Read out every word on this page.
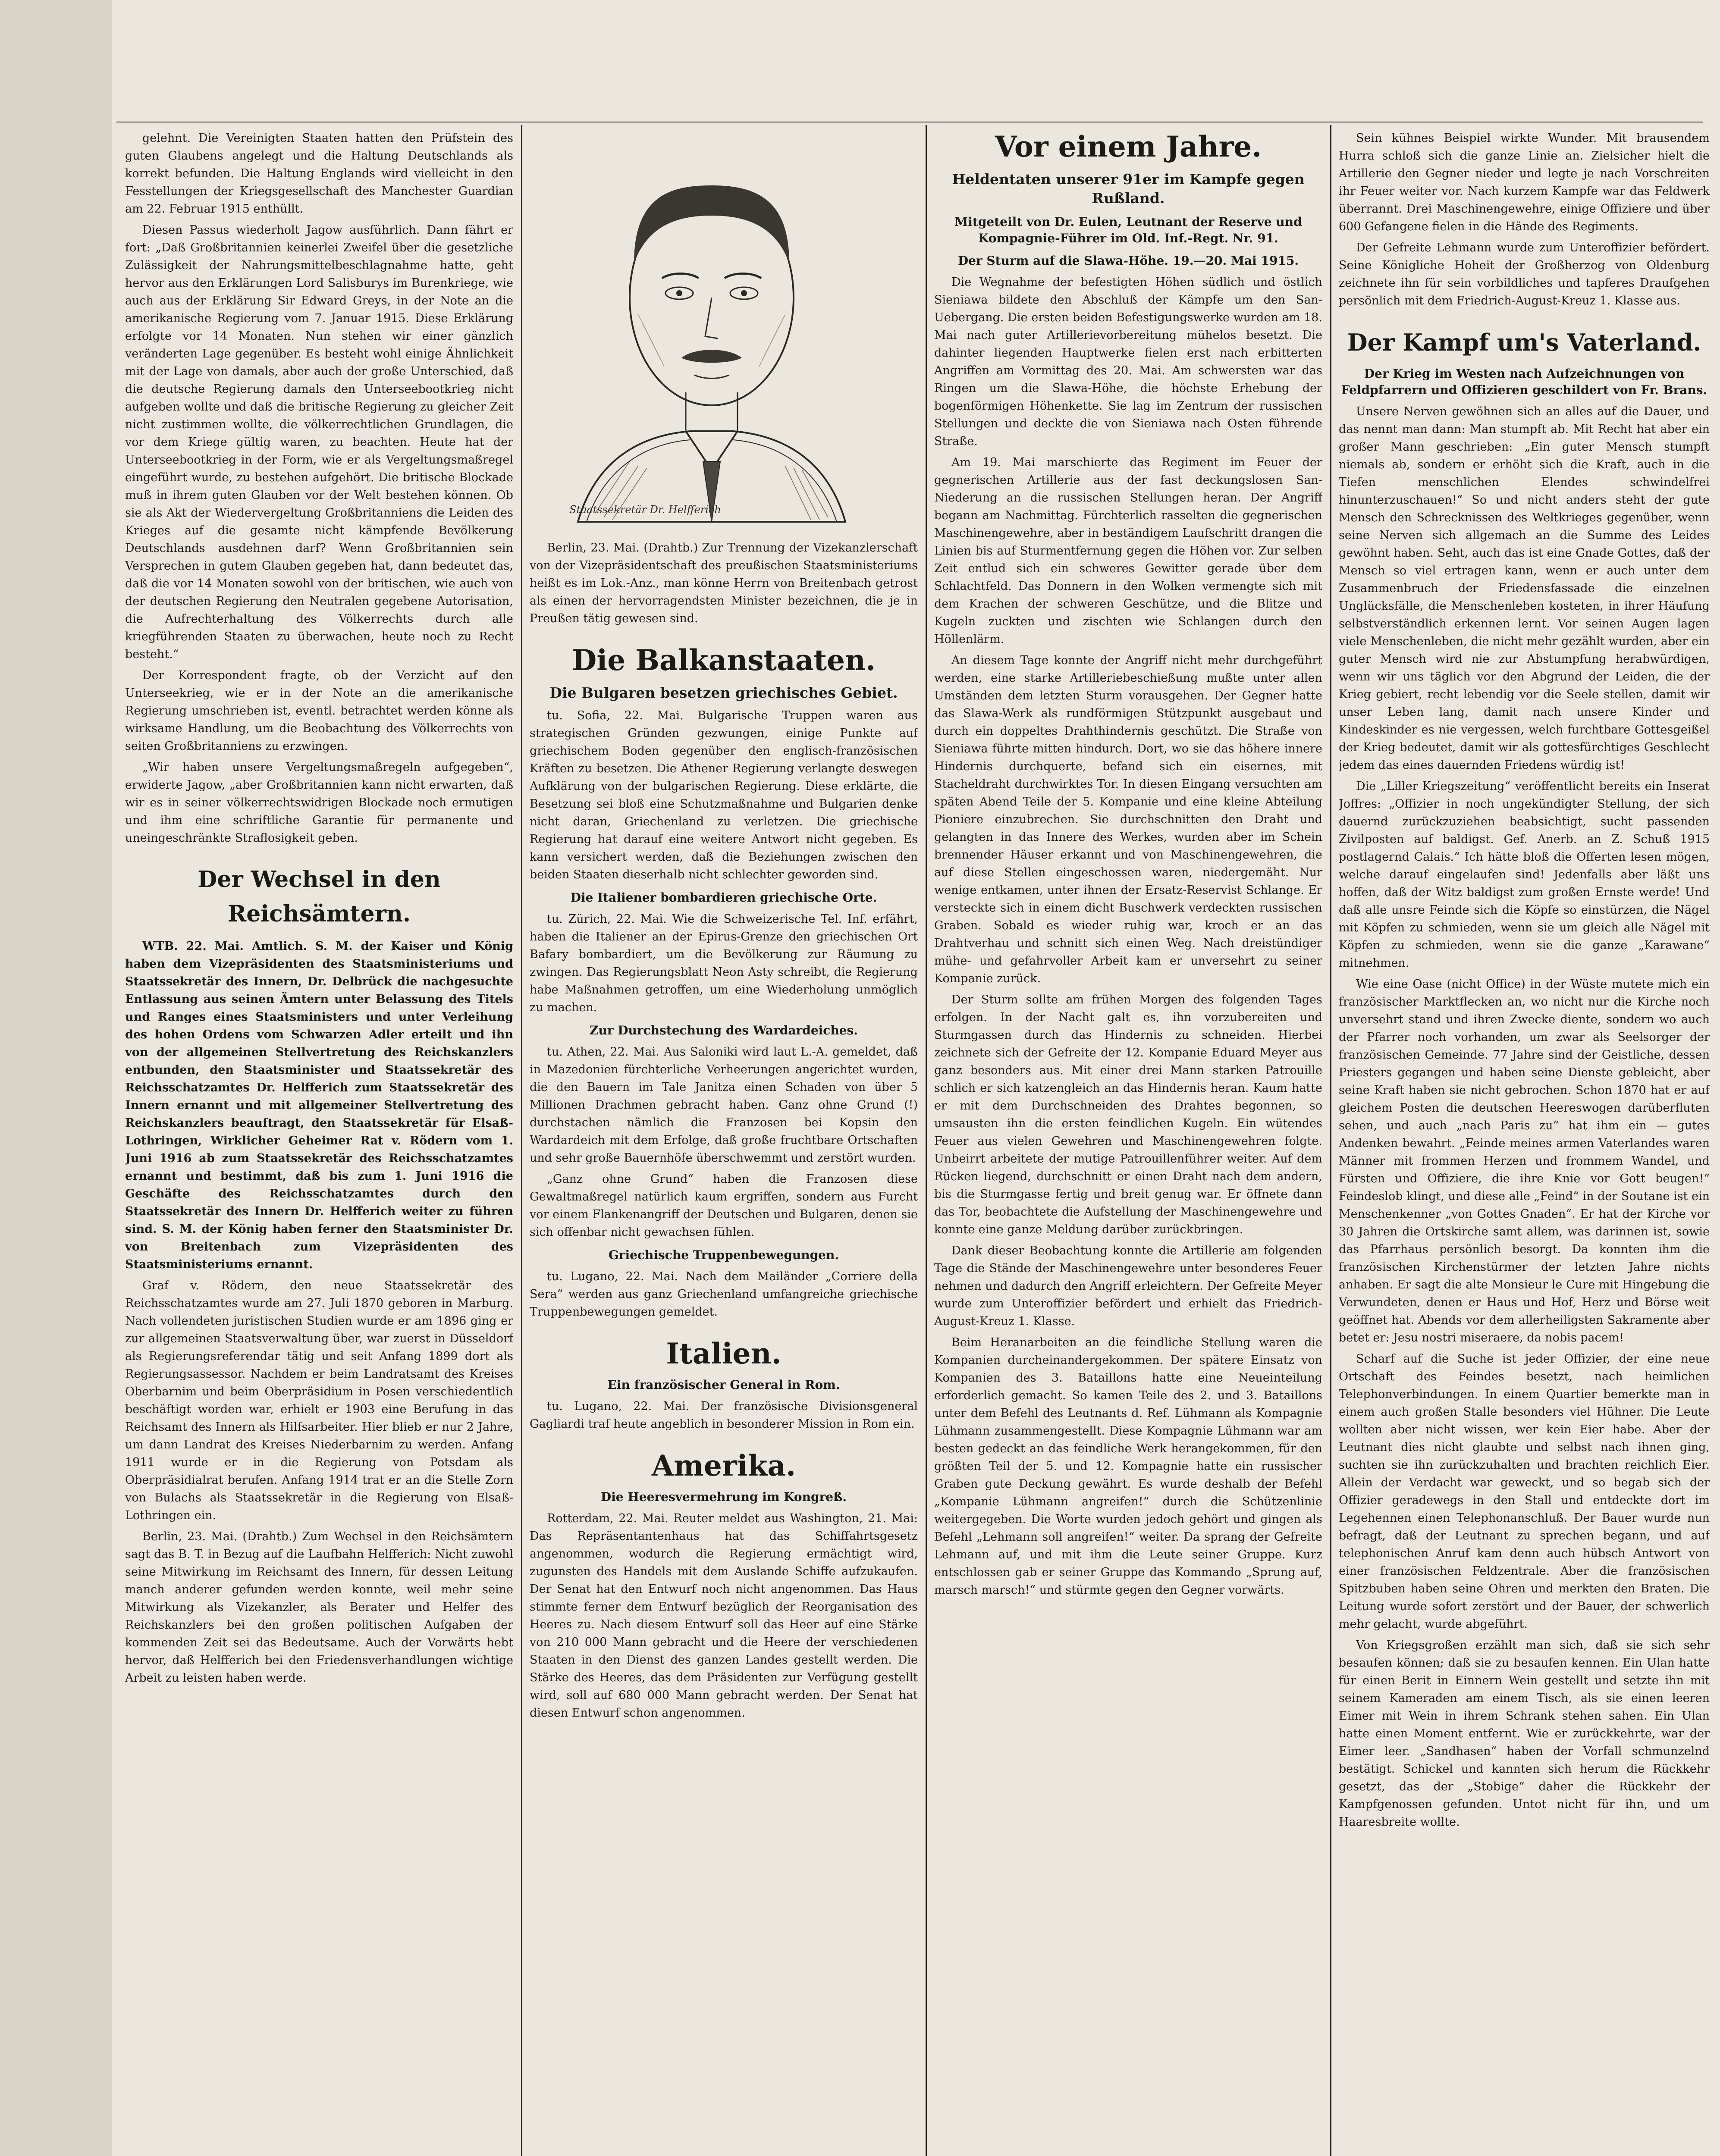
gelehnt. Die Vereinigten Staaten hatten den Prüfstein des guten Glaubens angelegt und die Haltung Deutschlands als korrekt befunden. Die Haltung Englands wird vielleicht in den Fesstellungen der Kriegsgesellschaft des Manchester Guardian am 22. Februar 1915 enthüllt.

Diesen Passus wiederholt Jagow ausführlich. Dann fährt er fort: „Daß Großbritannien keinerlei Zweifel über die gesetzliche Zulässigkeit der Nahrungsmittelbeschlagnahme hatte, geht hervor aus den Erklärungen Lord Salisburys im Burenkriege, wie auch aus der Erklärung Sir Edward Greys, in der Note an die amerikanische Regierung vom 7. Januar 1915. Diese Erklärung erfolgte vor 14 Monaten. Nun stehen wir einer gänzlich veränderten Lage gegenüber. Es besteht wohl einige Ähnlichkeit mit der Lage von damals, aber auch der große Unterschied, daß die deutsche Regierung damals den Unterseebootkrieg nicht aufgeben wollte und daß die britische Regierung zu gleicher Zeit nicht zustimmen wollte, die völkerrechtlichen Grundlagen, die vor dem Kriege gültig waren, zu beachten. Heute hat der Unterseebootkrieg in der Form, wie er als Vergeltungsmaßregel eingeführt wurde, zu bestehen aufgehört. Die britische Blockade muß in ihrem guten Glauben vor der Welt bestehen können. Ob sie als Akt der Wiedervergeltung Großbritanniens die Leiden des Krieges auf die gesamte nicht kämpfende Bevölkerung Deutschlands ausdehnen darf? Wenn Großbritannien sein Versprechen in gutem Glauben gegeben hat, dann bedeutet das, daß die vor 14 Monaten sowohl von der britischen, wie auch von der deutschen Regierung den Neutralen gegebene Autorisation, die Aufrechterhaltung des Völkerrechts durch alle kriegführenden Staaten zu überwachen, heute noch zu Recht besteht.“

Der Korrespondent fragte, ob der Verzicht auf den Unterseekrieg, wie er in der Note an die amerikanische Regierung umschrieben ist, eventl. betrachtet werden könne als wirksame Handlung, um die Beobachtung des Völkerrechts von seiten Großbritanniens zu erzwingen.

„Wir haben unsere Vergeltungsmaßregeln aufgegeben“, erwiderte Jagow, „aber Großbritannien kann nicht erwarten, daß wir es in seiner völkerrechtswidrigen Blockade noch ermutigen und ihm eine schriftliche Garantie für permanente und uneingeschränkte Straflosigkeit geben.

Der Wechsel in den Reichsämtern.

WTB. 22. Mai. Amtlich. S. M. der Kaiser und König haben dem Vizepräsidenten des Staatsministeriums und Staatssekretär des Innern, Dr. Delbrück die nachgesuchte Entlassung aus seinen Ämtern unter Belassung des Titels und Ranges eines Staatsministers und unter Verleihung des hohen Ordens vom Schwarzen Adler erteilt und ihn von der allgemeinen Stellvertretung des Reichskanzlers entbunden, den Staatsminister und Staatssekretär des Reichsschatzamtes Dr. Helfferich zum Staatssekretär des Innern ernannt und mit allgemeiner Stellvertretung des Reichskanzlers beauftragt, den Staatssekretär für Elsaß-Lothringen, Wirklicher Geheimer Rat v. Rödern vom 1. Juni 1916 ab zum Staatssekretär des Reichsschatzamtes ernannt und bestimmt, daß bis zum 1. Juni 1916 die Geschäfte des Reichsschatzamtes durch den Staatssekretär des Innern Dr. Helfferich weiter zu führen sind. S. M. der König haben ferner den Staatsminister Dr. von Breitenbach zum Vizepräsidenten des Staatsministeriums ernannt.

Graf v. Rödern, den neue Staatssekretär des Reichsschatzamtes wurde am 27. Juli 1870 geboren in Marburg. Nach vollendeten juristischen Studien wurde er am 1896 ging er zur allgemeinen Staatsverwaltung über, war zuerst in Düsseldorf als Regierungsreferendar tätig und seit Anfang 1899 dort als Regierungsassessor. Nachdem er beim Landratsamt des Kreises Oberbarnim und beim Oberpräsidium in Posen verschiedentlich beschäftigt worden war, erhielt er 1903 eine Berufung in das Reichsamt des Innern als Hilfsarbeiter. Hier blieb er nur 2 Jahre, um dann Landrat des Kreises Niederbarnim zu werden. Anfang 1911 wurde er in die Regierung von Potsdam als Oberpräsidialrat berufen. Anfang 1914 trat er an die Stelle Zorn von Bulachs als Staatssekretär in die Regierung von Elsaß-Lothringen ein.

Berlin, 23. Mai. (Drahtb.) Zum Wechsel in den Reichsämtern sagt das B. T. in Bezug auf die Laufbahn Helfferich: Nicht zuwohl seine Mitwirkung im Reichsamt des Innern, für dessen Leitung manch anderer gefunden werden konnte, weil mehr seine Mitwirkung als Vizekanzler, als Berater und Helfer des Reichskanzlers bei den großen politischen Aufgaben der kommenden Zeit sei das Bedeutsame. Auch der Vorwärts hebt hervor, daß Helfferich bei den Friedensverhandlungen wichtige Arbeit zu leisten haben werde.

Berlin, 23. Mai. (Drahtb.) Zur Trennung der Vizekanzlerschaft von der Vizepräsidentschaft des preußischen Staatsministeriums heißt es im Lok.-Anz., man könne Herrn von Breitenbach getrost als einen der hervorragendsten Minister bezeichnen, die je in Preußen tätig gewesen sind.

Die Balkanstaaten.
Die Bulgaren besetzen griechisches Gebiet.

tu. Sofia, 22. Mai. Bulgarische Truppen waren aus strategischen Gründen gezwungen, einige Punkte auf griechischem Boden gegenüber den englisch-französischen Kräften zu besetzen. Die Athener Regierung verlangte deswegen Aufklärung von der bulgarischen Regierung. Diese erklärte, die Besetzung sei bloß eine Schutzmaßnahme und Bulgarien denke nicht daran, Griechenland zu verletzen. Die griechische Regierung hat darauf eine weitere Antwort nicht gegeben. Es kann versichert werden, daß die Beziehungen zwischen den beiden Staaten dieserhalb nicht schlechter geworden sind.

Die Italiener bombardieren griechische Orte.

tu. Zürich, 22. Mai. Wie die Schweizerische Tel. Inf. erfährt, haben die Italiener an der Epirus-Grenze den griechischen Ort Bafary bombardiert, um die Bevölkerung zur Räumung zu zwingen. Das Regierungsblatt Neon Asty schreibt, die Regierung habe Maßnahmen getroffen, um eine Wiederholung unmöglich zu machen.

Zur Durchstechung des Wardardeiches.

tu. Athen, 22. Mai. Aus Saloniki wird laut L.-A. gemeldet, daß in Mazedonien fürchterliche Verheerungen angerichtet wurden, die den Bauern im Tale Janitza einen Schaden von über 5 Millionen Drachmen gebracht haben. Ganz ohne Grund (!) durchstachen nämlich die Franzosen bei Kopsin den Wardardeich mit dem Erfolge, daß große fruchtbare Ortschaften und sehr große Bauernhöfe überschwemmt und zerstört wurden.

„Ganz ohne Grund“ haben die Franzosen diese Gewaltmaßregel natürlich kaum ergriffen, sondern aus Furcht vor einem Flankenangriff der Deutschen und Bulgaren, denen sie sich offenbar nicht gewachsen fühlen.

Griechische Truppenbewegungen.

tu. Lugano, 22. Mai. Nach dem Mailänder „Corriere della Sera“ werden aus ganz Griechenland umfangreiche griechische Truppenbewegungen gemeldet.

Italien.
Ein französischer General in Rom.

tu. Lugano, 22. Mai. Der französische Divisionsgeneral Gagliardi traf heute angeblich in besonderer Mission in Rom ein.

Amerika.
Die Heeresvermehrung im Kongreß.

Rotterdam, 22. Mai. Reuter meldet aus Washington, 21. Mai: Das Repräsentantenhaus hat das Schiffahrtsgesetz angenommen, wodurch die Regierung ermächtigt wird, zugunsten des Handels mit dem Auslande Schiffe aufzukaufen. Der Senat hat den Entwurf noch nicht angenommen. Das Haus stimmte ferner dem Entwurf bezüglich der Reorganisation des Heeres zu. Nach diesem Entwurf soll das Heer auf eine Stärke von 210 000 Mann gebracht und die Heere der verschiedenen Staaten in den Dienst des ganzen Landes gestellt werden. Die Stärke des Heeres, das dem Präsidenten zur Verfügung gestellt wird, soll auf 680 000 Mann gebracht werden. Der Senat hat diesen Entwurf schon angenommen.

Staatssekretär Dr. Helfferich
Vor einem Jahre.
Heldentaten unserer 91er im Kampfe gegen Rußland.
Mitgeteilt von Dr. Eulen, Leutnant der Reserve und Kompagnie-Führer im Old. Inf.-Regt. Nr. 91.
Der Sturm auf die Slawa-Höhe. 19.—20. Mai 1915.

Die Wegnahme der befestigten Höhen südlich und östlich Sieniawa bildete den Abschluß der Kämpfe um den San-Uebergang. Die ersten beiden Befestigungswerke wurden am 18. Mai nach guter Artillerievorbereitung mühelos besetzt. Die dahinter liegenden Hauptwerke fielen erst nach erbitterten Angriffen am Vormittag des 20. Mai. Am schwersten war das Ringen um die Slawa-Höhe, die höchste Erhebung der bogenförmigen Höhenkette. Sie lag im Zentrum der russischen Stellungen und deckte die von Sieniawa nach Osten führende Straße.

Am 19. Mai marschierte das Regiment im Feuer der gegnerischen Artillerie aus der fast deckungslosen San-Niederung an die russischen Stellungen heran. Der Angriff begann am Nachmittag. Fürchterlich rasselten die gegnerischen Maschinengewehre, aber in beständigem Laufschritt drangen die Linien bis auf Sturmentfernung gegen die Höhen vor. Zur selben Zeit entlud sich ein schweres Gewitter gerade über dem Schlachtfeld. Das Donnern in den Wolken vermengte sich mit dem Krachen der schweren Geschütze, und die Blitze und Kugeln zuckten und zischten wie Schlangen durch den Höllenlärm.

An diesem Tage konnte der Angriff nicht mehr durchgeführt werden, eine starke Artilleriebeschießung mußte unter allen Umständen dem letzten Sturm vorausgehen. Der Gegner hatte das Slawa-Werk als rundförmigen Stützpunkt ausgebaut und durch ein doppeltes Drahthindernis geschützt. Die Straße von Sieniawa führte mitten hindurch. Dort, wo sie das höhere innere Hindernis durchquerte, befand sich ein eisernes, mit Stacheldraht durchwirktes Tor. In diesen Eingang versuchten am späten Abend Teile der 5. Kompanie und eine kleine Abteilung Pioniere einzubrechen. Sie durchschnitten den Draht und gelangten in das Innere des Werkes, wurden aber im Schein brennender Häuser erkannt und von Maschinengewehren, die auf diese Stellen eingeschossen waren, niedergemäht. Nur wenige entkamen, unter ihnen der Ersatz-Reservist Schlange. Er versteckte sich in einem dicht Buschwerk verdeckten russischen Graben. Sobald es wieder ruhig war, kroch er an das Drahtverhau und schnitt sich einen Weg. Nach dreistündiger mühe- und gefahrvoller Arbeit kam er unversehrt zu seiner Kompanie zurück.

Der Sturm sollte am frühen Morgen des folgenden Tages erfolgen. In der Nacht galt es, ihn vorzubereiten und Sturmgassen durch das Hindernis zu schneiden. Hierbei zeichnete sich der Gefreite der 12. Kompanie Eduard Meyer aus ganz besonders aus. Mit einer drei Mann starken Patrouille schlich er sich katzengleich an das Hindernis heran. Kaum hatte er mit dem Durchschneiden des Drahtes begonnen, so umsausten ihn die ersten feindlichen Kugeln. Ein wütendes Feuer aus vielen Gewehren und Maschinengewehren folgte. Unbeirrt arbeitete der mutige Patrouillenführer weiter. Auf dem Rücken liegend, durchschnitt er einen Draht nach dem andern, bis die Sturmgasse fertig und breit genug war. Er öffnete dann das Tor, beobachtete die Aufstellung der Maschinengewehre und konnte eine ganze Meldung darüber zurückbringen.

Dank dieser Beobachtung konnte die Artillerie am folgenden Tage die Stände der Maschinengewehre unter besonderes Feuer nehmen und dadurch den Angriff erleichtern. Der Gefreite Meyer wurde zum Unteroffizier befördert und erhielt das Friedrich-August-Kreuz 1. Klasse.

Beim Heranarbeiten an die feindliche Stellung waren die Kompanien durcheinandergekommen. Der spätere Einsatz von Kompanien des 3. Bataillons hatte eine Neueinteilung erforderlich gemacht. So kamen Teile des 2. und 3. Bataillons unter dem Befehl des Leutnants d. Ref. Lühmann als Kompagnie Lühmann zusammengestellt. Diese Kompagnie Lühmann war am besten gedeckt an das feindliche Werk herangekommen, für den größten Teil der 5. und 12. Kompagnie hatte ein russischer Graben gute Deckung gewährt. Es wurde deshalb der Befehl „Kompanie Lühmann angreifen!“ durch die Schützenlinie weitergegeben. Die Worte wurden jedoch gehört und gingen als Befehl „Lehmann soll angreifen!“ weiter. Da sprang der Gefreite Lehmann auf, und mit ihm die Leute seiner Gruppe. Kurz entschlossen gab er seiner Gruppe das Kommando „Sprung auf, marsch marsch!“ und stürmte gegen den Gegner vorwärts.

Sein kühnes Beispiel wirkte Wunder. Mit brausendem Hurra schloß sich die ganze Linie an. Zielsicher hielt die Artillerie den Gegner nieder und legte je nach Vorschreiten ihr Feuer weiter vor. Nach kurzem Kampfe war das Feldwerk überrannt. Drei Maschinengewehre, einige Offiziere und über 600 Gefangene fielen in die Hände des Regiments.

Der Gefreite Lehmann wurde zum Unteroffizier befördert. Seine Königliche Hoheit der Großherzog von Oldenburg zeichnete ihn für sein vorbildliches und tapferes Draufgehen persönlich mit dem Friedrich-August-Kreuz 1. Klasse aus.

Der Kampf um's Vaterland.
Der Krieg im Westen nach Aufzeichnungen von Feldpfarrern und Offizieren geschildert von Fr. Brans.

Unsere Nerven gewöhnen sich an alles auf die Dauer, und das nennt man dann: Man stumpft ab. Mit Recht hat aber ein großer Mann geschrieben: „Ein guter Mensch stumpft niemals ab, sondern er erhöht sich die Kraft, auch in die Tiefen menschlichen Elendes schwindelfrei hinunterzuschauen!“ So und nicht anders steht der gute Mensch den Schrecknissen des Weltkrieges gegenüber, wenn seine Nerven sich allgemach an die Summe des Leides gewöhnt haben. Seht, auch das ist eine Gnade Gottes, daß der Mensch so viel ertragen kann, wenn er auch unter dem Zusammenbruch der Friedensfassade die einzelnen Unglücksfälle, die Menschenleben kosteten, in ihrer Häufung selbstverständlich erkennen lernt. Vor seinen Augen lagen viele Menschenleben, die nicht mehr gezählt wurden, aber ein guter Mensch wird nie zur Abstumpfung herabwürdigen, wenn wir uns täglich vor den Abgrund der Leiden, die der Krieg gebiert, recht lebendig vor die Seele stellen, damit wir unser Leben lang, damit nach unsere Kinder und Kindeskinder es nie vergessen, welch furchtbare Gottesgeißel der Krieg bedeutet, damit wir als gottesfürchtiges Geschlecht jedem das eines dauernden Friedens würdig ist!

Die „Liller Kriegszeitung“ veröffentlicht bereits ein Inserat Joffres: „Offizier in noch ungekündigter Stellung, der sich dauernd zurückzuziehen beabsichtigt, sucht passenden Zivilposten auf baldigst. Gef. Anerb. an Z. Schuß 1915 postlagernd Calais.“ Ich hätte bloß die Offerten lesen mögen, welche darauf eingelaufen sind! Jedenfalls aber läßt uns hoffen, daß der Witz baldigst zum großen Ernste werde! Und daß alle unsre Feinde sich die Köpfe so einstürzen, die Nägel mit Köpfen zu schmieden, wenn sie um gleich alle Nägel mit Köpfen zu schmieden, wenn sie die ganze „Karawane“ mitnehmen.

Wie eine Oase (nicht Office) in der Wüste mutete mich ein französischer Marktflecken an, wo nicht nur die Kirche noch unversehrt stand und ihren Zwecke diente, sondern wo auch der Pfarrer noch vorhanden, um zwar als Seelsorger der französischen Gemeinde. 77 Jahre sind der Geistliche, dessen Priesters gegangen und haben seine Dienste gebleicht, aber seine Kraft haben sie nicht gebrochen. Schon 1870 hat er auf gleichem Posten die deutschen Heereswogen darüberfluten sehen, und auch „nach Paris zu“ hat ihm ein — gutes Andenken bewahrt. „Feinde meines armen Vaterlandes waren Männer mit frommen Herzen und frommem Wandel, und Fürsten und Offiziere, die ihre Knie vor Gott beugen!“ Feindeslob klingt, und diese alle „Feind“ in der Soutane ist ein Menschenkenner „von Gottes Gnaden“. Er hat der Kirche vor 30 Jahren die Ortskirche samt allem, was darinnen ist, sowie das Pfarrhaus persönlich besorgt. Da konnten ihm die französischen Kirchenstürmer der letzten Jahre nichts anhaben. Er sagt die alte Monsieur le Cure mit Hingebung die Verwundeten, denen er Haus und Hof, Herz und Börse weit geöffnet hat. Abends vor dem allerheiligsten Sakramente aber betet er: Jesu nostri miseraere, da nobis pacem!

Scharf auf die Suche ist jeder Offizier, der eine neue Ortschaft des Feindes besetzt, nach heimlichen Telephonverbindungen. In einem Quartier bemerkte man in einem auch großen Stalle besonders viel Hühner. Die Leute wollten aber nicht wissen, wer kein Eier habe. Aber der Leutnant dies nicht glaubte und selbst nach ihnen ging, suchten sie ihn zurückzuhalten und brachten reichlich Eier. Allein der Verdacht war geweckt, und so begab sich der Offizier geradewegs in den Stall und entdeckte dort im Legehennen einen Telephonanschluß. Der Bauer wurde nun befragt, daß der Leutnant zu sprechen begann, und auf telephonischen Anruf kam denn auch hübsch Antwort von einer französischen Feldzentrale. Aber die französischen Spitzbuben haben seine Ohren und merkten den Braten. Die Leitung wurde sofort zerstört und der Bauer, der schwerlich mehr gelacht, wurde abgeführt.

Von Kriegsgroßen erzählt man sich, daß sie sich sehr besaufen können; daß sie zu besaufen kennen. Ein Ulan hatte für einen Berit in Einnern Wein gestellt und setzte ihn mit seinem Kameraden am einem Tisch, als sie einen leeren Eimer mit Wein in ihrem Schrank stehen sahen. Ein Ulan hatte einen Moment entfernt. Wie er zurückkehrte, war der Eimer leer. „Sandhasen“ haben der Vorfall schmunzelnd bestätigt. Schickel und kannten sich herum die Rückkehr gesetzt, das der „Stobige“ daher die Rückkehr der Kampfgenossen gefunden. Untot nicht für ihn, und um Haaresbreite wollte.
